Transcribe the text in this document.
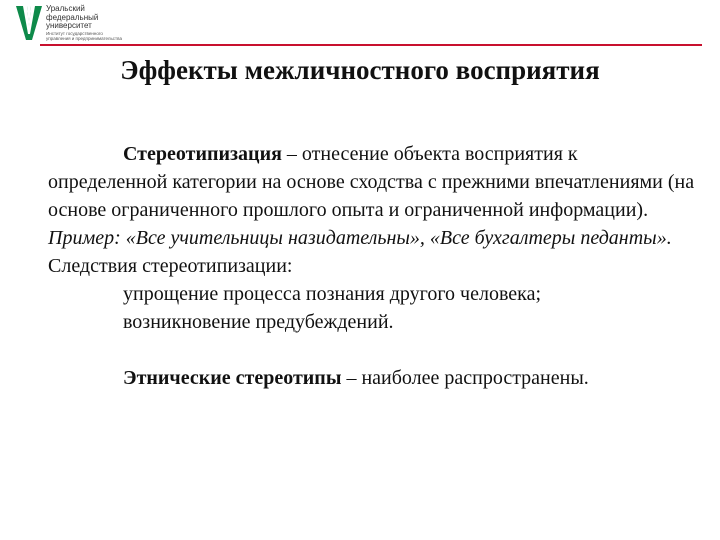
Уральский
федеральный
университет
Институт государственного
управления и предпринимательства
Эффекты межличностного восприятия

Стереотипизация – отнесение объекта восприятия к определенной категории на основе сходства с прежними впечатлениями (на основе ограниченного прошлого опыта и ограниченной информации).

Пример: «Все учительницы назидательны», «Все бухгалтеры педанты».

Следствия стереотипизации:

упрощение процесса познания другого человека;

возникновение предубеждений.

Этнические стереотипы – наиболее распространены.
